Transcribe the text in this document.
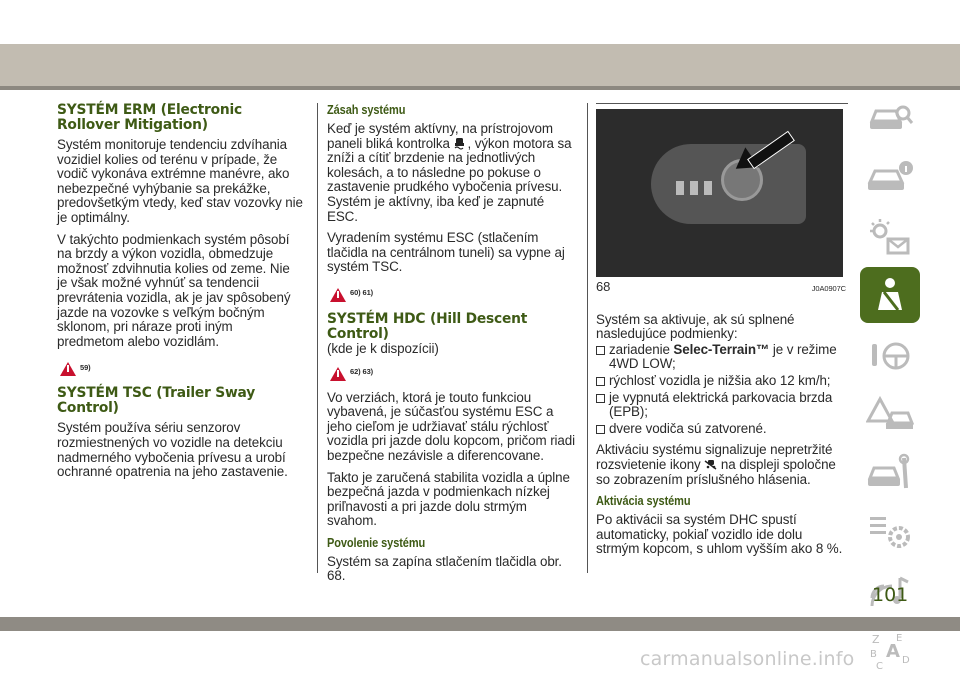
SYSTÉM ERM (Electronic Rollover Mitigation)

Systém monitoruje tendenciu zdvíhania vozidiel kolies od terénu v prípade, že vodič vykonáva extrémne manévre, ako nebezpečné vyhýbanie sa prekážke, predovšetkým vtedy, keď stav vozovky nie je optimálny.

V takýchto podmienkach systém pôsobí na brzdy a výkon vozidla, obmedzuje možnosť zdvihnutia kolies od zeme. Nie je však možné vyhnúť sa tendencii prevrátenia vozidla, ak je jav spôsobený jazde na vozovke s veľkým bočným sklonom, pri náraze proti iným predmetom alebo vozidlám.

59)
SYSTÉM TSC (Trailer Sway Control)

Systém používa sériu senzorov rozmiestnených vo vozidle na detekciu nadmerného vybočenia prívesu a urobí ochranné opatrenia na jeho zastavenie.

Zásah systému

Keď je systém aktívny, na prístrojovom paneli bliká kontrolka , výkon motora sa zníži a cítiť brzdenie na jednotlivých kolesách, a to následne po pokuse o zastavenie prudkého vybočenia prívesu. Systém je aktívny, iba keď je zapnuté ESC.

Vyradením systému ESC (stlačením tlačidla na centrálnom tuneli) sa vypne aj systém TSC.

60) 61)
SYSTÉM HDC (Hill Descent Control)

(kde je k dispozícii)

62) 63)

Vo verziách, ktorá je touto funkciou vybavená, je súčasťou systému ESC a jeho cieľom je udržiavať stálu rýchlosť vozidla pri jazde dolu kopcom, pričom riadi bezpečne nezávisle a diferencovane.

Takto je zaručená stabilita vozidla a úplne bezpečná jazda v podmienkach nízkej priľnavosti a pri jazde dolu strmým svahom.

Povolenie systému

Systém sa zapína stlačením tlačidla obr. 68.

68	J0A0907C

Systém sa aktivuje, ak sú splnené nasledujúce podmienky:

zariadenie Selec-Terrain™ je v režime 4WD LOW;
rýchlosť vozidla je nižšia ako 12 km/h;
je vypnutá elektrická parkovacia brzda (EPB);
dvere vodiča sú zatvorené.

Aktiváciu systému signalizuje nepretržité rozsvietenie ikony  na displeji spoločne so zobrazením príslušného hlásenia.

Aktivácia systému

Po aktivácii sa systém DHC spustí automaticky, pokiaľ vozidlo ide dolu strmým kopcom, s uhlom vyšším ako 8 %.

Z E
B A
C
D
101
carmanualsonline.info
